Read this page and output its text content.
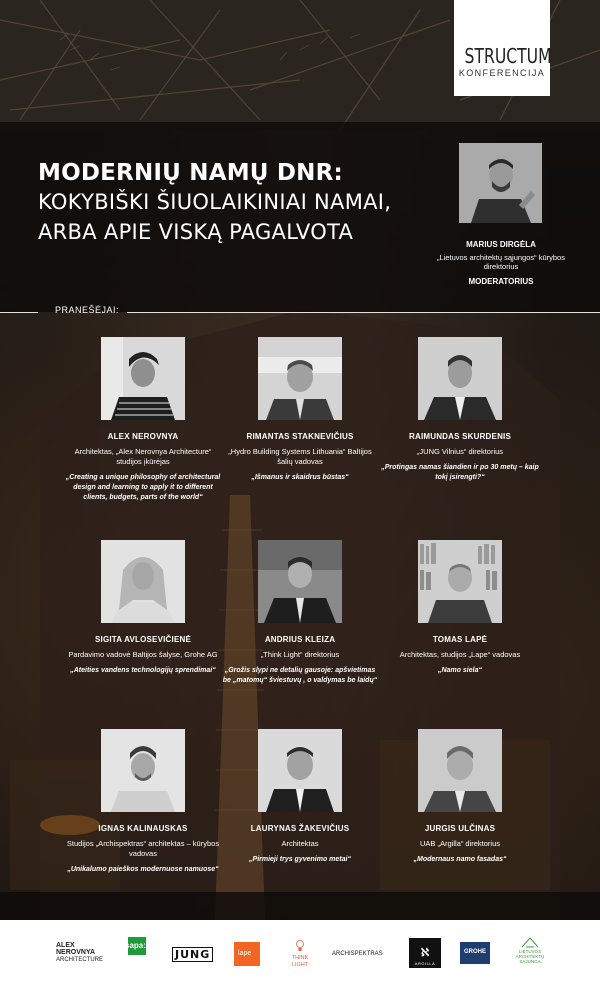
STRUCTUM
KONFERENCIJA
MODERNIŲ NAMŲ DNR:
KOKYBIŠKI ŠIUOLAIKINIAI NAMAI,
ARBA APIE VISKĄ PAGALVOTA
MARIUS DIRGĖLA
„Lietuvos architektų sąjungos“ kūrybos direktorius
MODERATORIUS
PRANEŠĖJAI:
ALEX NEROVNYA
Architektas, „Alex Nerovnya Architecture“ studijos įkūrėjas
„Creating a unique philosophy of architectural design and learning to apply it to different clients, budgets, parts of the world“
RIMANTAS STAKNEVIČIUS
„Hydro Building Systems Lithuania“ Baltijos šalių vadovas
„Išmanus ir skaidrus būstas“
RAIMUNDAS SKURDENIS
„JUNG Vilnius“ direktorius
„Protingas namas šiandien ir po 30 metų – kaip tokį įsirengti?“
SIGITA AVLOSEVIČIENĖ
Pardavimo vadovė Baltijos šalyse, Grohe AG
„Ateities vandens technologijų sprendimai“
ANDRIUS KLEIZA
„Think Light“ direktorius
„Grožis slypi ne detalių gausoje: apšvietimas be „matomų“ šviestuvų , o valdymas be laidų“
TOMAS LAPĖ
Architektas, studijos „Lape“ vadovas
„Namo siela“
IGNAS KALINAUSKAS
Studijos „Archispektras“ architektas – kūrybos vadovas
„Unikalumo paieškos modernuose namuose“
LAURYNAS ŽAKEVIČIUS
Architektas
„Pirmieji trys gyvenimo metai“
JURGIS ULČINAS
UAB „Argilla“ direktorius
„Modernaus namo fasadas“
ALEX
NEROVNYA
ARCHITECTURE
sapa:
JUNG	lape

THINK
LIGHT
ARCHISPEKTRAS	ℵ
ARGILLA
GROHE	LIETUVOS
ARCHITEKTŲ
SĄJUNGA
